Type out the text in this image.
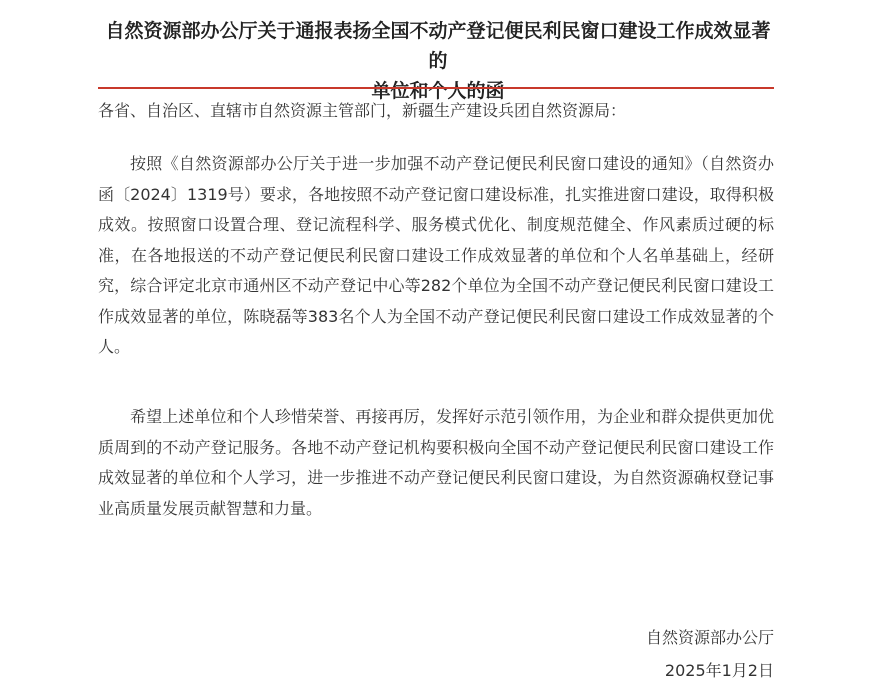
自然资源部办公厅关于通报表扬全国不动产登记便民利民窗口建设工作成效显著的
单位和个人的函

各省、自治区、直辖市自然资源主管部门，新疆生产建设兵团自然资源局：

按照《自然资源部办公厅关于进一步加强不动产登记便民利民窗口建设的通知》（自然资办函〔2024〕1319号）要求，各地按照不动产登记窗口建设标准，扎实推进窗口建设，取得积极成效。按照窗口设置合理、登记流程科学、服务模式优化、制度规范健全、作风素质过硬的标准，在各地报送的不动产登记便民利民窗口建设工作成效显著的单位和个人名单基础上，经研究，综合评定北京市通州区不动产登记中心等282个单位为全国不动产登记便民利民窗口建设工作成效显著的单位，陈晓磊等383名个人为全国不动产登记便民利民窗口建设工作成效显著的个人。

希望上述单位和个人珍惜荣誉、再接再厉，发挥好示范引领作用，为企业和群众提供更加优质周到的不动产登记服务。各地不动产登记机构要积极向全国不动产登记便民利民窗口建设工作成效显著的单位和个人学习，进一步推进不动产登记便民利民窗口建设，为自然资源确权登记事业高质量发展贡献智慧和力量。

自然资源部办公厅

2025年1月2日
